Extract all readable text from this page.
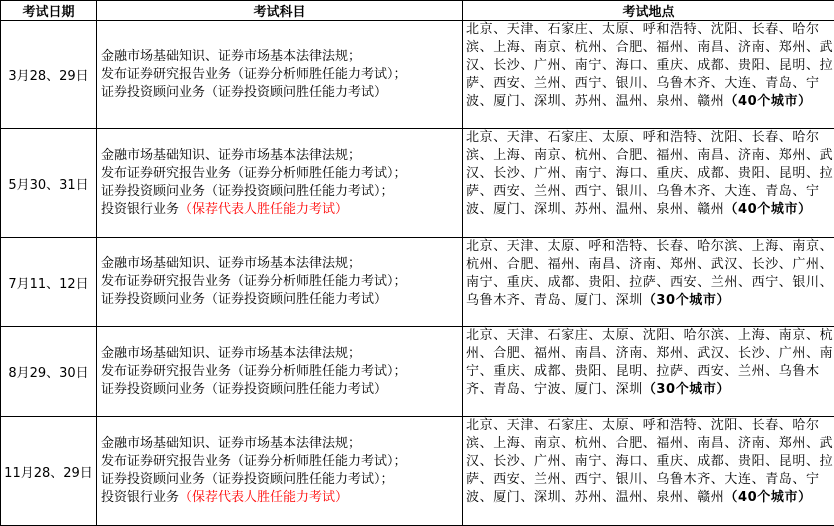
考试日期	考试科目	考试地点
3月28、29日	金融市场基础知识、证券市场基本法律法规；
发布证券研究报告业务（证券分析师胜任能力考试）；
证券投资顾问业务（证券投资顾问胜任能力考试）	北京、天津、石家庄、太原、呼和浩特、沈阳、长春、哈尔滨、上海、南京、杭州、合肥、福州、南昌、济南、郑州、武汉、长沙、广州、南宁、海口、重庆、成都、贵阳、昆明、拉萨、西安、兰州、西宁、银川、乌鲁木齐、大连、青岛、宁波、厦门、深圳、苏州、温州、泉州、赣州（40个城市）
5月30、31日	金融市场基础知识、证券市场基本法律法规；
发布证券研究报告业务（证券分析师胜任能力考试）；
证券投资顾问业务（证券投资顾问胜任能力考试）；
投资银行业务（保荐代表人胜任能力考试）	北京、天津、石家庄、太原、呼和浩特、沈阳、长春、哈尔滨、上海、南京、杭州、合肥、福州、南昌、济南、郑州、武汉、长沙、广州、南宁、海口、重庆、成都、贵阳、昆明、拉萨、西安、兰州、西宁、银川、乌鲁木齐、大连、青岛、宁波、厦门、深圳、苏州、温州、泉州、赣州（40个城市）
7月11、12日	金融市场基础知识、证券市场基本法律法规；
发布证券研究报告业务（证券分析师胜任能力考试）；
证券投资顾问业务（证券投资顾问胜任能力考试）	北京、天津、太原、呼和浩特、长春、哈尔滨、上海、南京、杭州、合肥、福州、南昌、济南、郑州、武汉、长沙、广州、南宁、重庆、成都、贵阳、拉萨、西安、兰州、西宁、银川、乌鲁木齐、青岛、厦门、深圳（30个城市）
8月29、30日	金融市场基础知识、证券市场基本法律法规；
发布证券研究报告业务（证券分析师胜任能力考试）；
证券投资顾问业务（证券投资顾问胜任能力考试）	北京、天津、石家庄、太原、沈阳、哈尔滨、上海、南京、杭州、合肥、福州、南昌、济南、郑州、武汉、长沙、广州、南宁、重庆、成都、贵阳、昆明、拉萨、西安、兰州、乌鲁木齐、青岛、宁波、厦门、深圳（30个城市）
11月28、29日	金融市场基础知识、证券市场基本法律法规；
发布证券研究报告业务（证券分析师胜任能力考试）；
证券投资顾问业务（证券投资顾问胜任能力考试）；
投资银行业务（保荐代表人胜任能力考试）	北京、天津、石家庄、太原、呼和浩特、沈阳、长春、哈尔滨、上海、南京、杭州、合肥、福州、南昌、济南、郑州、武汉、长沙、广州、南宁、海口、重庆、成都、贵阳、昆明、拉萨、西安、兰州、西宁、银川、乌鲁木齐、大连、青岛、宁波、厦门、深圳、苏州、温州、泉州、赣州（40个城市）
